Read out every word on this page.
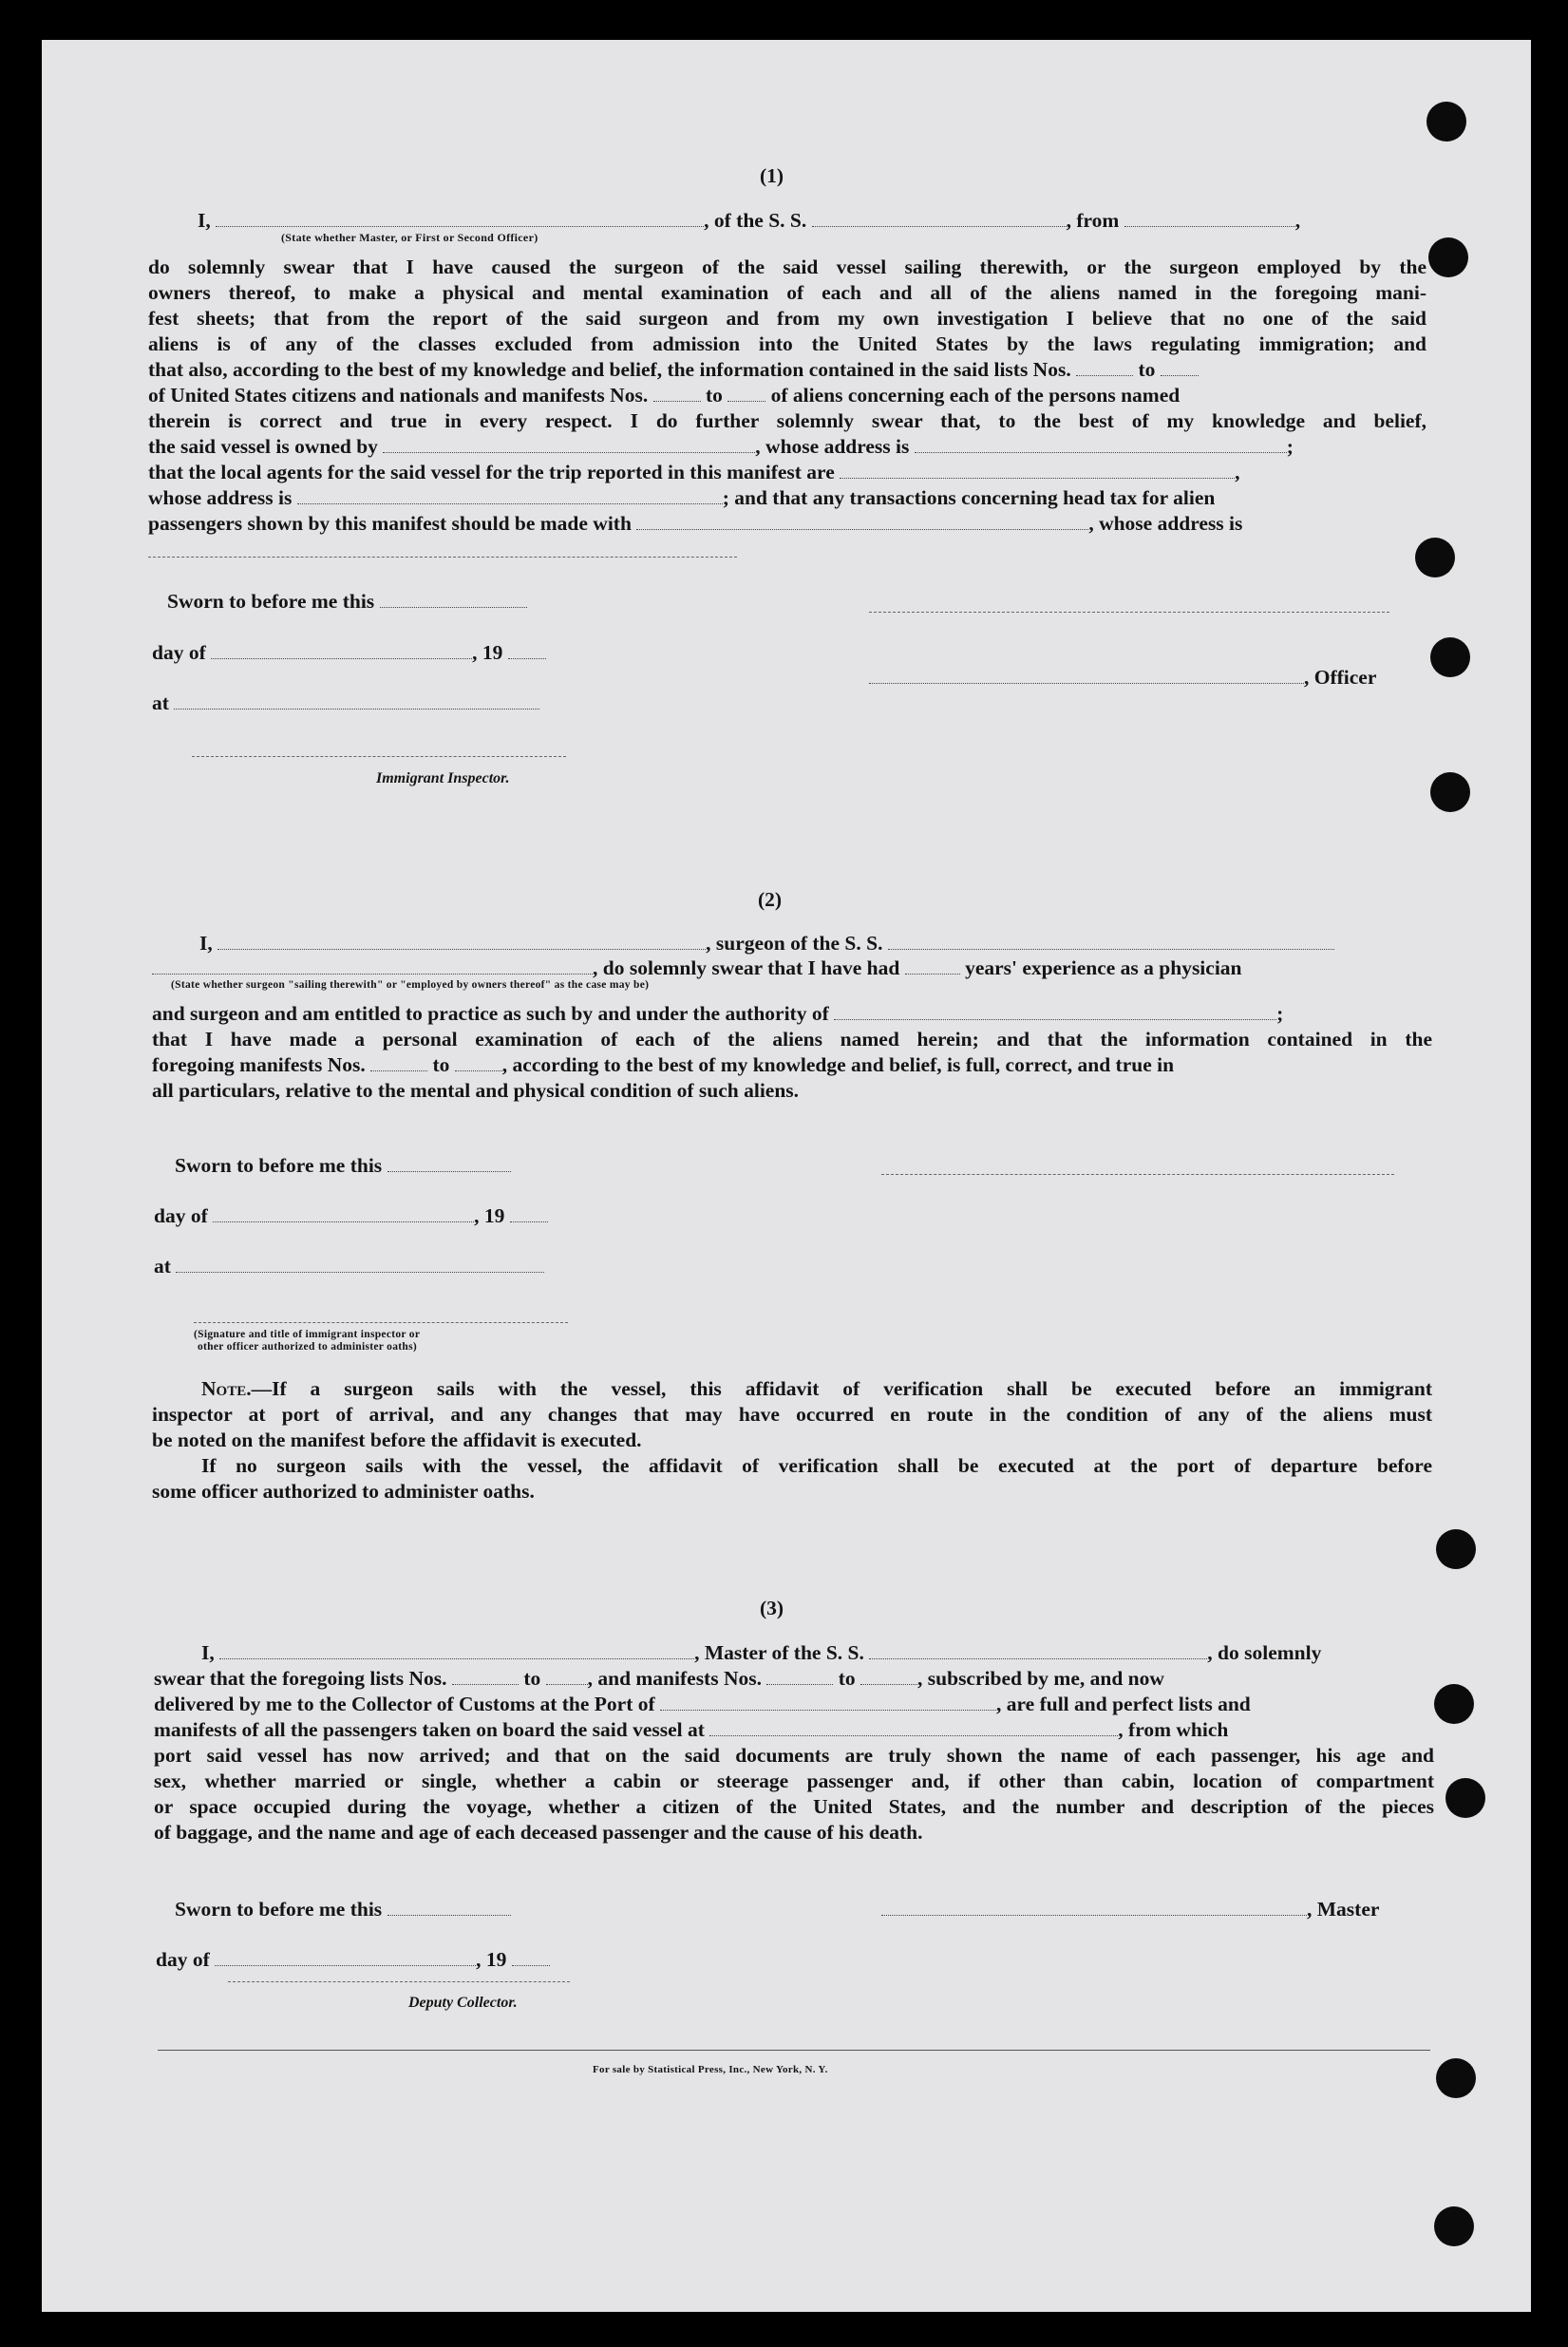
(1)
I,	, of the S. S.	, from	,
(State whether Master, or First or Second Officer)
do solemnly swear that I have caused the surgeon of the said vessel sailing therewith, or the surgeon employed by the
owners thereof, to make a physical and mental examination of each and all of the aliens named in the foregoing mani-
fest sheets; that from the report of the said surgeon and from my own investigation I believe that no one of the said
aliens is of any of the classes excluded from admission into the United States by the laws regulating immigration; and
that also, according to the best of my knowledge and belief, the information contained in the said lists Nos.	to
of United States citizens and nationals and manifests Nos.	to of aliens concerning each of the persons named
therein is correct and true in every respect. I do further solemnly swear that, to the best of my knowledge and belief,
the said vessel is owned by	, whose address is	;
that the local agents for the said vessel for the trip reported in this manifest are	,
whose address is	; and that any transactions concerning head tax for alien
passengers shown by this manifest should be made with	, whose address is
Sworn to before me this
day of	, 19
, Officer
at
Immigrant Inspector.
(2)
I,	, surgeon of the S. S.
, do solemnly swear that I have had	years' experience as a physician
(State whether surgeon "sailing therewith" or "employed by owners thereof" as the case may be)
and surgeon and am entitled to practice as such by and under the authority of	;
that I have made a personal examination of each of the aliens named herein; and that the information contained in the
foregoing manifests Nos.	to	, according to the best of my knowledge and belief, is full, correct, and true in
all particulars, relative to the mental and physical condition of such aliens.
Sworn to before me this
day of	, 19
at
(Signature and title of immigrant inspector or
other officer authorized to administer oaths)
Note.—If a surgeon sails with the vessel, this affidavit of verification shall be executed before an immigrant
inspector at port of arrival, and any changes that may have occurred en route in the condition of any of the aliens must
be noted on the manifest before the affidavit is executed.
If no surgeon sails with the vessel, the affidavit of verification shall be executed at the port of departure before
some officer authorized to administer oaths.
(3)
I,	, Master of the S. S.	, do solemnly
swear that the foregoing lists Nos.	to , and manifests Nos.	to	, subscribed by me, and now
delivered by me to the Collector of Customs at the Port of	, are full and perfect lists and
manifests of all the passengers taken on board the said vessel at	, from which
port said vessel has now arrived; and that on the said documents are truly shown the name of each passenger, his age and
sex, whether married or single, whether a cabin or steerage passenger and, if other than cabin, location of compartment
or space occupied during the voyage, whether a citizen of the United States, and the number and description of the pieces
of baggage, and the name and age of each deceased passenger and the cause of his death.
Sworn to before me this	, Master
day of	, 19
Deputy Collector.
For sale by Statistical Press, Inc., New York, N. Y.
